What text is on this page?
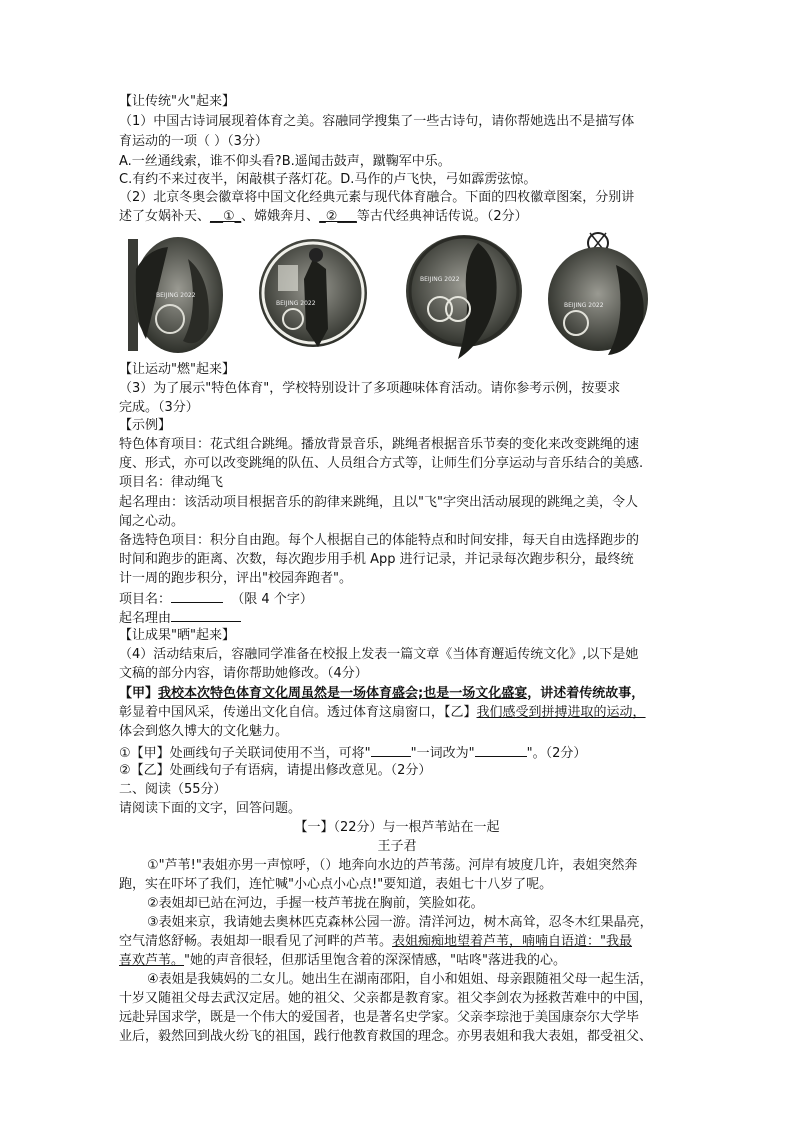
【让传统"火"起来】
（1）中国古诗词展现着体育之美。容融同学搜集了一些古诗句，请你帮她选出不是描写体
育运动的一项（ ）（3分）
A.一丝通线索，谁不仰头看?B.遥闻击鼓声，蹴鞠军中乐。
C.有约不来过夜半，闲敲棋子落灯花。D.马作的卢飞快，弓如霹雳弦惊。
（2）北京冬奥会徽章将中国文化经典元素与现代体育融合。下面的四枚徽章图案，分别讲
述了女娲补天、__①_、嫦娥奔月、_②___等古代经典神话传说。（2分）
BEIJING 2022
BEIJING 2022
BEIJING 2022
BEIJING 2022
【让运动"燃"起来】
（3）为了展示"特色体育"，学校特别设计了多项趣味体育活动。请你参考示例，按要求
完成。（3分）
【示例】
特色体育项目：花式组合跳绳。播放背景音乐，跳绳者根据音乐节奏的变化来改变跳绳的速
度、形式，亦可以改变跳绳的队伍、人员组合方式等，让师生们分享运动与音乐结合的美感.
项目名：律动绳飞
起名理由：该活动项目根据音乐的韵律来跳绳，且以"飞"字突出活动展现的跳绳之美，令人
闻之心动。
备选特色项目：积分自由跑。每个人根据自己的体能特点和时间安排，每天自由选择跑步的
时间和跑步的距离、次数，每次跑步用手机 App 进行记录，并记录每次跑步积分，最终统
计一周的跑步积分，评出"校园奔跑者"。
项目名：	（限 4 个字）
起名理由
【让成果"晒"起来】
（4）活动结束后，容融同学准备在校报上发表一篇文章《当体育邂逅传统文化》,以下是她
文稿的部分内容，请你帮助她修改。（4分）
【甲】我校本次特色体育文化周虽然是一场体育盛会;也是一场文化盛宴，讲述着传统故事，
彰显着中国风采，传递出文化自信。透过体育这扇窗口，【乙】我们感受到拼搏进取的运动，
体会到悠久博大的文化魅力。
①【甲】处画线句子关联词使用不当，可将"	"一词改为"	"。（2分）
②【乙】处画线句子有语病，请提出修改意见。（2分）
二、阅读（55分）
请阅读下面的文字，回答问题。
【一】（22分）与一根芦苇站在一起
王子君
①"芦苇!"表姐亦男一声惊呼，（）地奔向水边的芦苇荡。河岸有坡度几许，表姐突然奔
跑，实在吓坏了我们，连忙喊"小心点小心点!"要知道，表姐七十八岁了呢。
②表姐却已站在河边，手握一枝芦苇拢在胸前，笑脸如花。
③表姐来京，我请她去奥林匹克森林公园一游。清洋河边，树木高耸，忍冬木红果晶亮，
空气清悠舒畅。表姐却一眼看见了河畔的芦苇。表姐痴痴地望着芦苇，喃喃自语道："我最
喜欢芦苇。"她的声音很轻，但那话里饱含着的深深情感，"咕咚"落进我的心。
④表姐是我姨妈的二女儿。她出生在湖南邵阳，自小和姐姐、母亲跟随祖父母一起生活，
十岁又随祖父母去武汉定居。她的祖父、父亲都是教育家。祖父李剑农为拯救苦难中的中国，
远赴异国求学，既是一个伟大的爱国者，也是著名史学家。父亲李琮池于美国康奈尔大学毕
业后，毅然回到战火纷飞的祖国，践行他教育救国的理念。亦男表姐和我大表姐，都受祖父、
